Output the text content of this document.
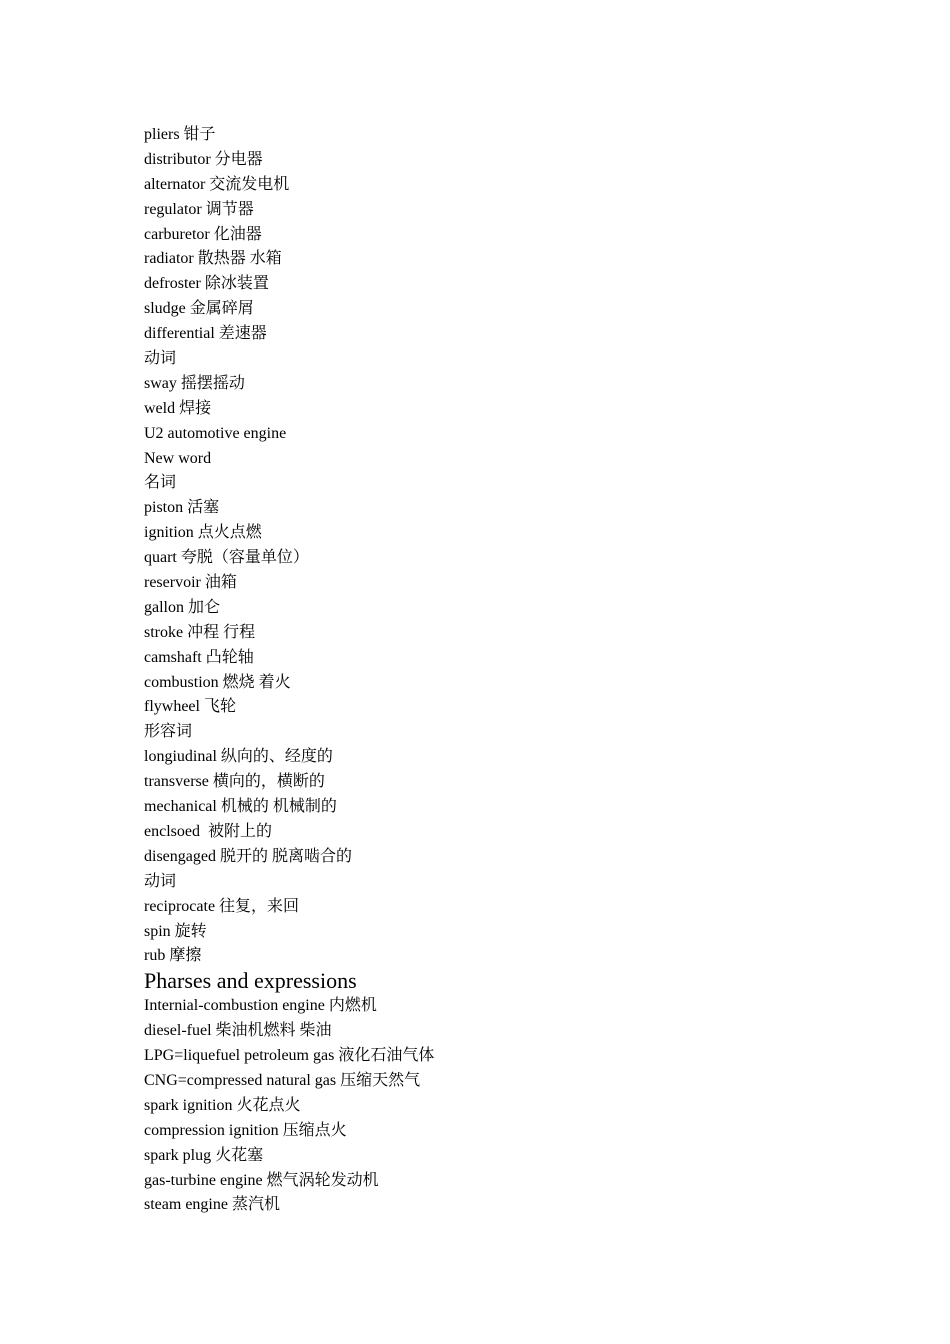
pliers 钳子
distributor 分电器
alternator 交流发电机
regulator 调节器
carburetor 化油器
radiator 散热器 水箱
defroster 除冰装置
sludge 金属碎屑
differential 差速器
动词
sway 摇摆摇动
weld 焊接
U2 automotive engine
New word
名词
piston 活塞
ignition 点火点燃
quart 夸脱（容量单位）
reservoir 油箱
gallon 加仑
stroke 冲程 行程
camshaft 凸轮轴
combustion 燃烧 着火
flywheel 飞轮
形容词
longiudinal 纵向的、经度的
transverse 横向的，横断的
mechanical 机械的 机械制的
enclsoed  被附上的
disengaged 脱开的 脱离啮合的
动词
reciprocate 往复，来回
spin 旋转
rub 摩擦
Pharses and expressions
Internial-combustion engine 内燃机
diesel-fuel 柴油机燃料 柴油
LPG=liquefuel petroleum gas 液化石油气体
CNG=compressed natural gas 压缩天然气
spark ignition 火花点火
compression ignition 压缩点火
spark plug 火花塞
gas-turbine engine 燃气涡轮发动机
steam engine 蒸汽机
